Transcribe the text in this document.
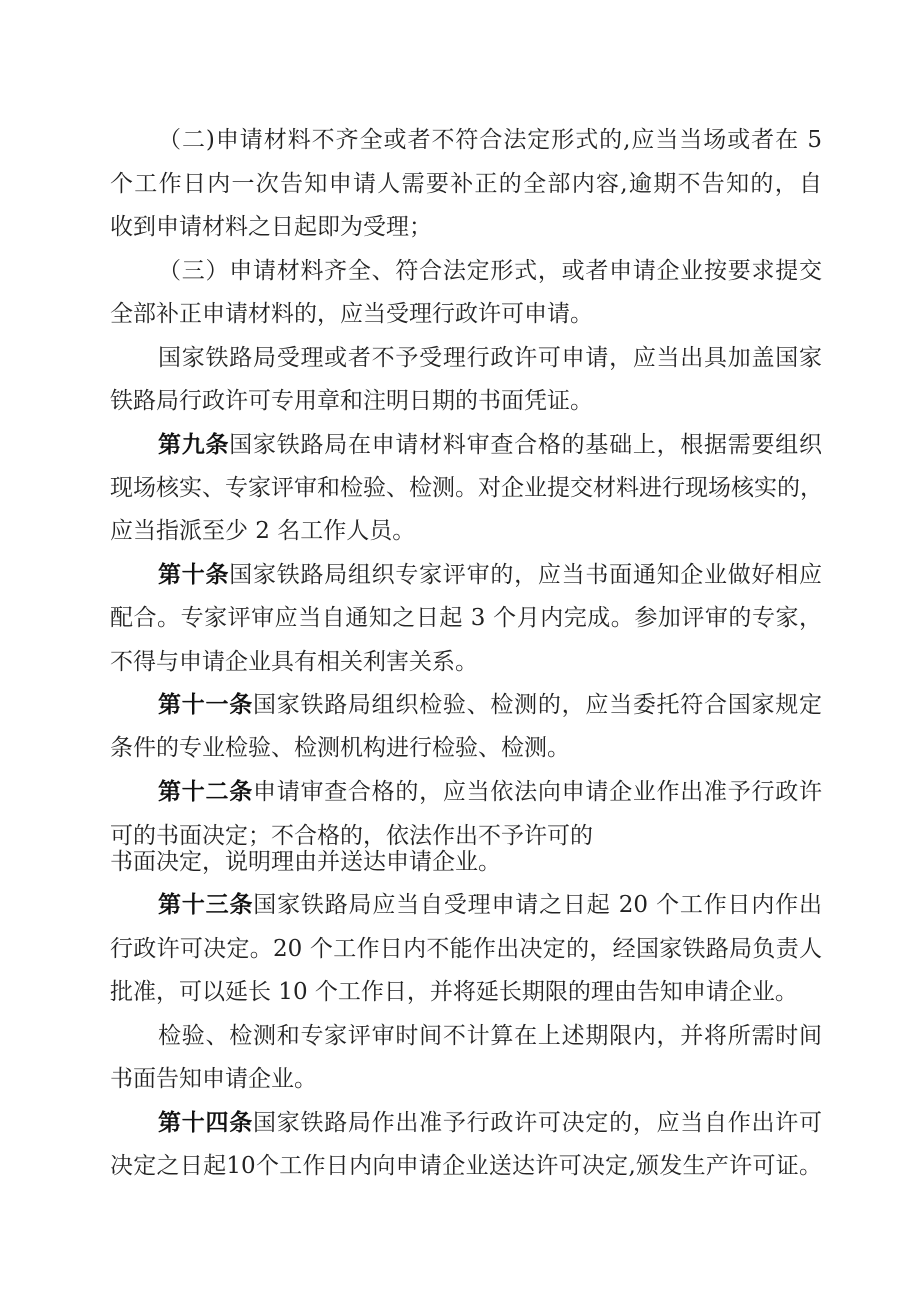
（二)申请材料不齐全或者不符合法定形式的,应当当场或者在 5
个工作日内一次告知申请人需要补正的全部内容,逾期不告知的，自
收到申请材料之日起即为受理；
（三）申请材料齐全、符合法定形式，或者申请企业按要求提交
全部补正申请材料的，应当受理行政许可申请。
国家铁路局受理或者不予受理行政许可申请，应当出具加盖国家
铁路局行政许可专用章和注明日期的书面凭证。
第九条国家铁路局在申请材料审查合格的基础上，根据需要组织
现场核实、专家评审和检验、检测。对企业提交材料进行现场核实的，
应当指派至少 2 名工作人员。
第十条国家铁路局组织专家评审的，应当书面通知企业做好相应
配合。专家评审应当自通知之日起 3 个月内完成。参加评审的专家，
不得与申请企业具有相关利害关系。
第十一条国家铁路局组织检验、检测的，应当委托符合国家规定
条件的专业检验、检测机构进行检验、检测。
第十二条申请审查合格的，应当依法向申请企业作出准予行政许
可的书面决定；不合格的，依法作出不予许可的
书面决定，说明理由并送达申请企业。
第十三条国家铁路局应当自受理申请之日起 20 个工作日内作出
行政许可决定。20 个工作日内不能作出决定的，经国家铁路局负责人
批准，可以延长 10 个工作日，并将延长期限的理由告知申请企业。
检验、检测和专家评审时间不计算在上述期限内，并将所需时间
书面告知申请企业。
第十四条国家铁路局作出准予行政许可决定的，应当自作出许可
决定之日起10个工作日内向申请企业送达许可决定,颁发生产许可证。
